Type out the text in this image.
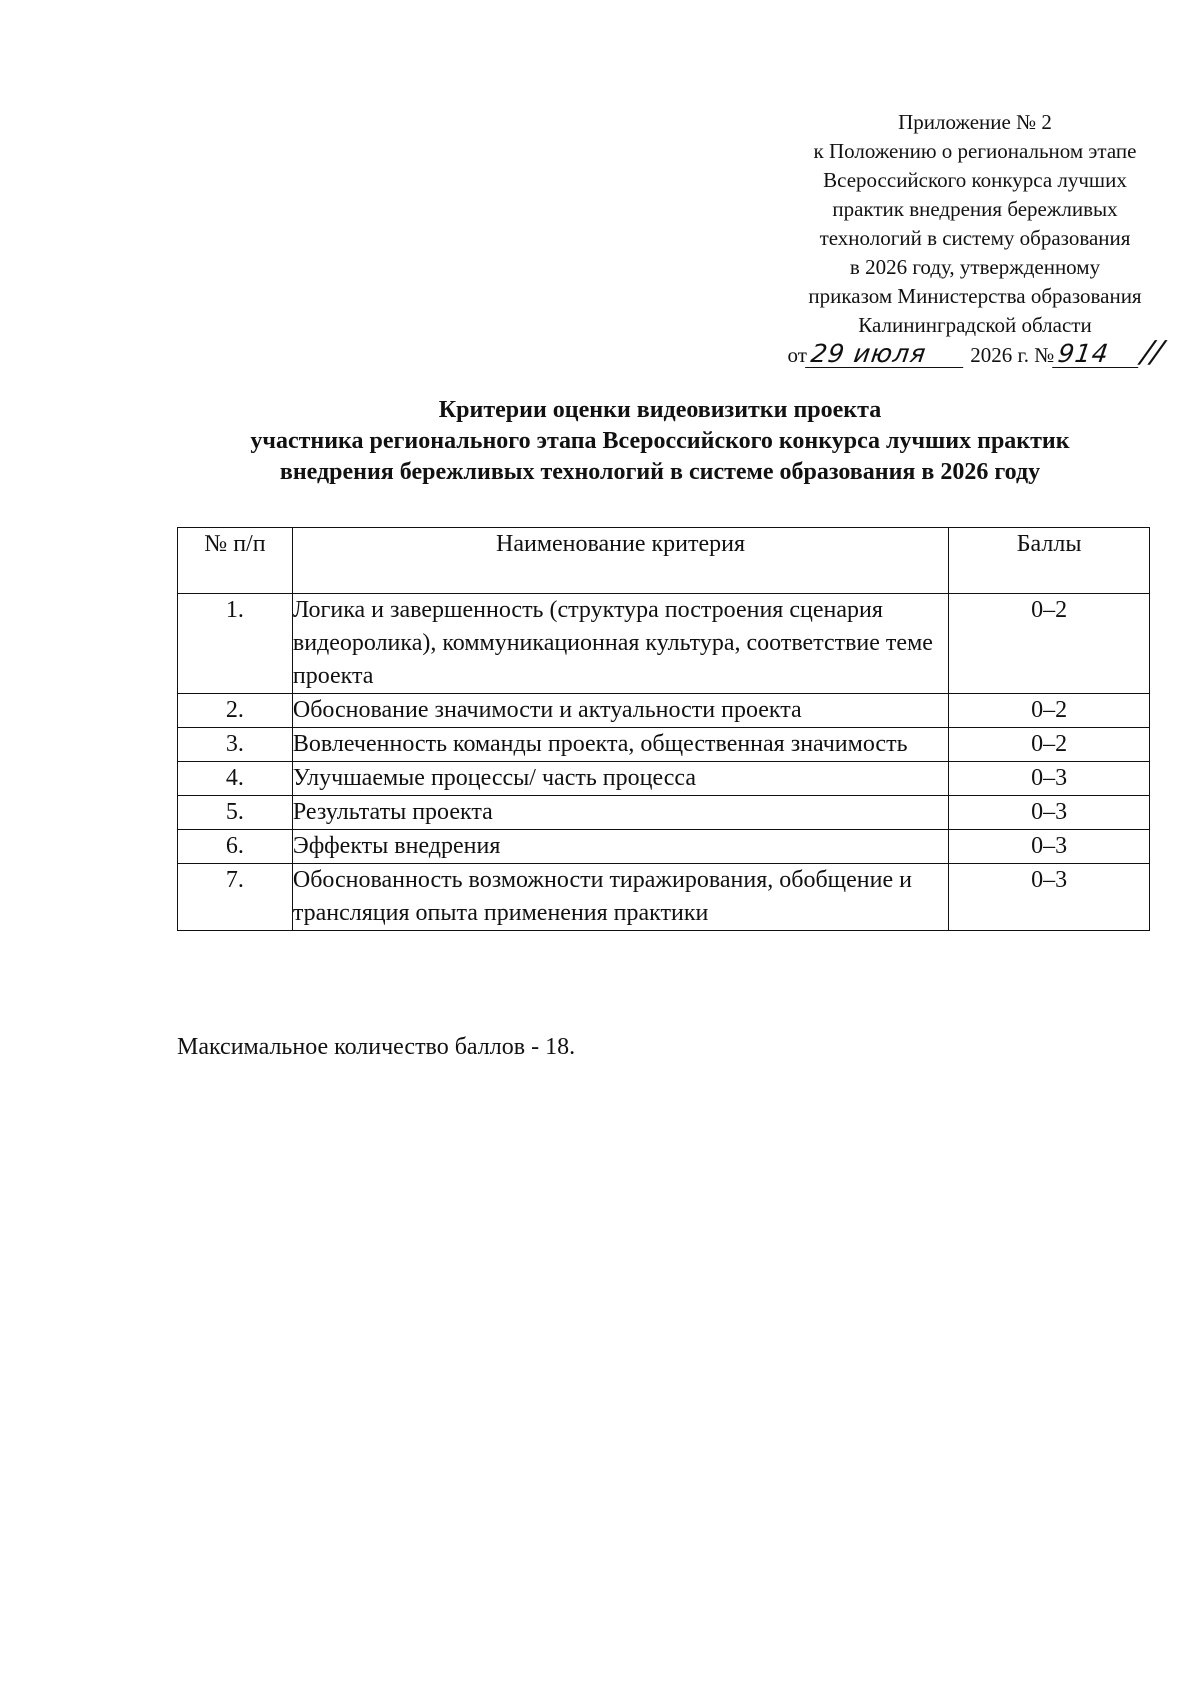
Приложение № 2
к Положению о региональном этапе
Всероссийского конкурса лучших
практик внедрения бережливых
технологий в систему образования
в 2026 году, утвержденному
приказом Министерства образования
Калининградской области
от29 июля 2026 г. №914 //
Критерии оценки видеовизитки проекта
участника регионального этапа Всероссийского конкурса лучших практик
внедрения бережливых технологий в системе образования в 2026 году
№ п/п	Наименование критерия	Баллы
1.	Логика и завершенность (структура построения сценария видеоролика), коммуникационная культура, соответствие теме проекта	0–2
2.	Обоснование значимости и актуальности проекта	0–2
3.	Вовлеченность команды проекта, общественная значимость	0–2
4.	Улучшаемые процессы/ часть процесса	0–3
5.	Результаты проекта	0–3
6.	Эффекты внедрения	0–3
7.	Обоснованность возможности тиражирования, обобщение и трансляция опыта применения практики	0–3
Максимальное количество баллов - 18.
